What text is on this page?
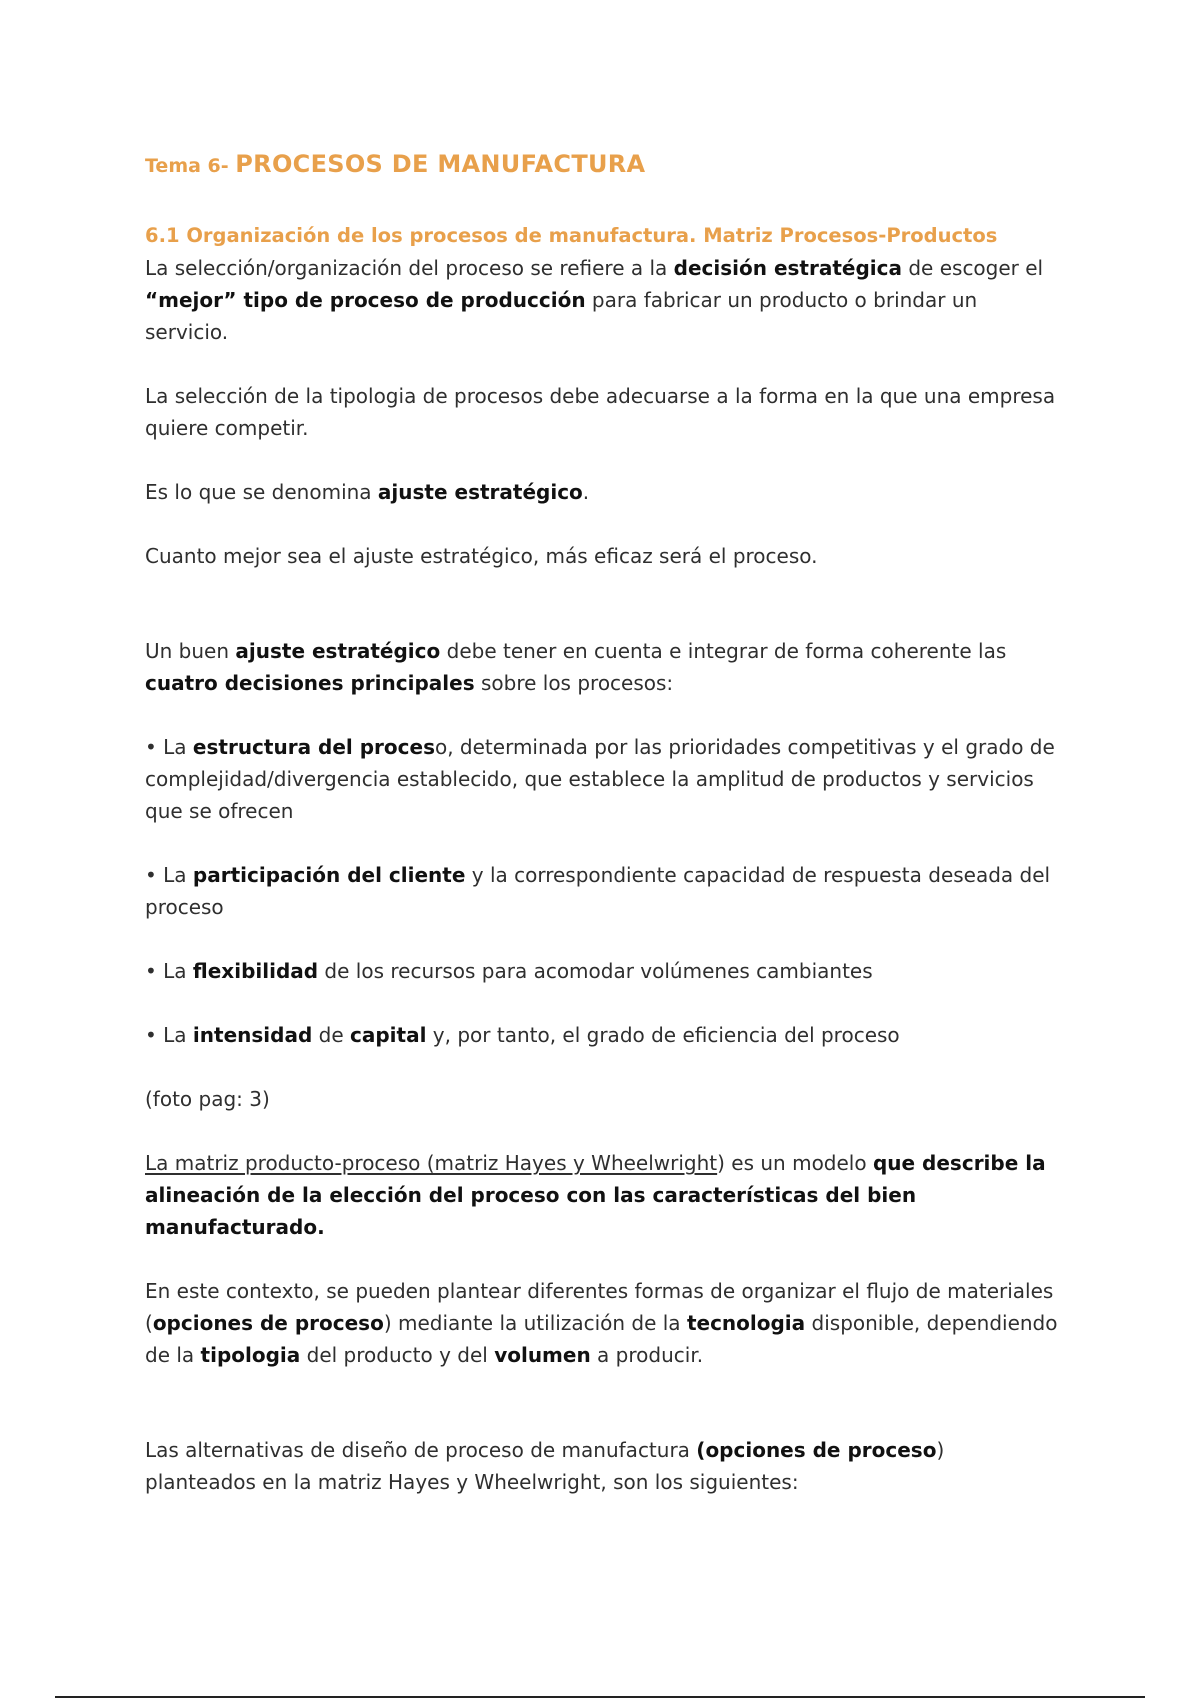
Tema 6- PROCESOS DE MANUFACTURA
6.1 Organización de los procesos de manufactura. Matriz Procesos-Productos

La selección/organización del proceso se refiere a la decisión estratégica de escoger el “mejor” tipo de proceso de producción para fabricar un producto o brindar un servicio.

La selección de la tipologia de procesos debe adecuarse a la forma en la que una empresa quiere competir.

Es lo que se denomina ajuste estratégico.

Cuanto mejor sea el ajuste estratégico, más eficaz será el proceso.

Un buen ajuste estratégico debe tener en cuenta e integrar de forma coherente las cuatro decisiones principales sobre los procesos:

• La estructura del proceso, determinada por las prioridades competitivas y el grado de complejidad/divergencia establecido, que establece la amplitud de productos y servicios que se ofrecen

• La participación del cliente y la correspondiente capacidad de respuesta deseada del proceso

• La flexibilidad de los recursos para acomodar volúmenes cambiantes

• La intensidad de capital y, por tanto, el grado de eficiencia del proceso

(foto pag: 3)

La matriz producto-proceso (matriz Hayes y Wheelwright) es un modelo que describe la alineación de la elección del proceso con las características del bien manufacturado.

En este contexto, se pueden plantear diferentes formas de organizar el flujo de materiales (opciones de proceso) mediante la utilización de la tecnologia disponible, dependiendo de la tipologia del producto y del volumen a producir.

Las alternativas de diseño de proceso de manufactura (opciones de proceso) planteados en la matriz Hayes y Wheelwright, son los siguientes:
